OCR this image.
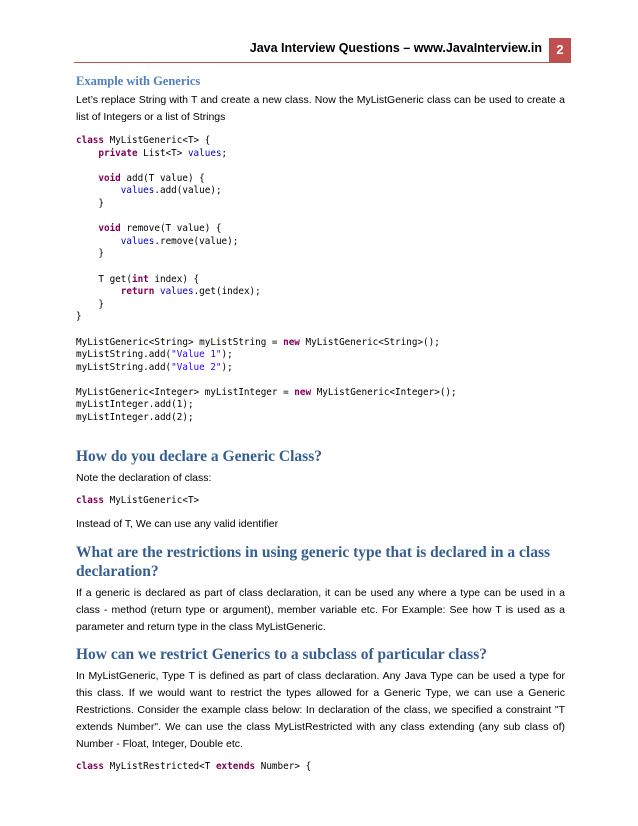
Java Interview Questions – www.JavaInterview.in	2
Example with Generics

Let’s replace String with T and create a new class. Now the MyListGeneric class can be used to create a list of Integers or a list of Strings

class MyListGeneric<T> {
private List<T> values;

void add(T value) {
values.add(value);
}

void remove(T value) {
values.remove(value);
}

T get(int index) {
return values.get(index);
}
}

MyListGeneric<String> myListString = new MyListGeneric<String>();
myListString.add("Value 1");
myListString.add("Value 2");

MyListGeneric<Integer> myListInteger = new MyListGeneric<Integer>();
myListInteger.add(1);
myListInteger.add(2);
How do you declare a Generic Class?

Note the declaration of class:

class MyListGeneric<T>

Instead of T, We can use any valid identifier

What are the restrictions in using generic type that is declared in a class declaration?

If a generic is declared as part of class declaration, it can be used any where a type can be used in a class - method (return type or argument), member variable etc. For Example: See how T is used as a parameter and return type in the class MyListGeneric.

How can we restrict Generics to a subclass of particular class?

In MyListGeneric, Type T is defined as part of class declaration. Any Java Type can be used a type for this class. If we would want to restrict the types allowed for a Generic Type, we can use a Generic Restrictions. Consider the example class below: In declaration of the class, we specified a constraint "T extends Number". We can use the class MyListRestricted with any class extending (any sub class of) Number - Float, Integer, Double etc.

class MyListRestricted<T extends Number> {
